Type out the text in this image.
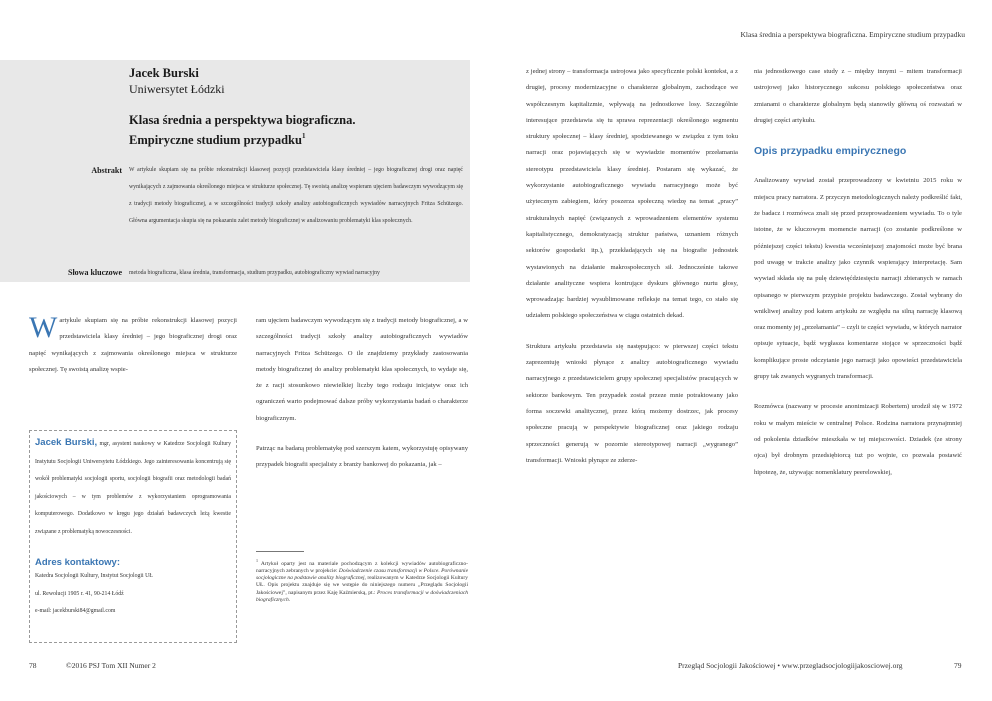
Jacek Burski
Uniwersytet Łódzki
Klasa średnia a perspektywa biograficzna.
Empiryczne studium przypadku$^1$
Abstrakt W artykule skupiam się na próbie rekonstrukcji klasowej pozycji przedstawiciela klasy średniej – jego biograficznej drogi oraz napięć wynikających z zajmowania określonego miejsca w strukturze społecznej. Tę swoistą analizę wspieram ujęciem badawczym wywodzącym się z tradycji metody biograficznej, a w szczególności tradycji szkoły analizy autobiograficznych wywiadów narracyjnych Fritza Schützego. Główna argumentacja skupia się na pokazaniu zalet metody biograficznej w analizowaniu problematyki klas społecznych.
Słowa kluczowe metoda biograficzna, klasa średnia, transformacja, studium przypadku, autobiograficzny wywiad narracyjny

Wartykule skupiam się na próbie rekonstrukcji klasowej pozycji przedstawiciela klasy średniej – jego biograficznej drogi oraz napięć wynikających z zajmowania określonego miejsca w strukturze społecznej. Tę swoistą analizę wspie-

Jacek Burski, mgr, asystent naukowy w Katedrze Socjologii Kultury Instytutu Socjologii Uniwersytetu Łódzkiego. Jego zainteresowania koncentrują się wokół problematyki socjologii sportu, socjologii biografii oraz metodologii badań jakościowych – w tym problemów z wykorzystaniem oprogramowania komputerowego. Dodatkowo w kręgu jego działań badawczych leżą kwestie związane z problematyką nowoczesności.
Adres kontaktowy:
Katedra Socjologii Kultury, Instytut Socjologii UŁ
ul. Rewolucji 1905 r. 41, 90-214 Łódź
e-mail: jacekburski84@gmail.com

ram ujęciem badawczym wywodzącym się z tradycji metody biograficznej, a w szczególności tradycji szkoły analizy autobiograficznych wywiadów narracyjnych Fritza Schützego. O ile znajdziemy przykłady zastosowania metody biograficznej do analizy problematyki klas społecznych, to wydaje się, że z racji stosunkowo niewielkiej liczby tego rodzaju inicjatyw oraz ich ograniczeń warto podejmować dalsze próby wykorzystania badań o charakterze biograficznym.

Patrząc na badaną problematykę pod szerszym katem, wykorzystuję opisywany przypadek biografii specjalisty z branży bankowej do pokazania, jak –

$^1$ Artykuł oparty jest na materiale pochodzącym z kolekcji wywiadów autobiograficzno-narracyjnych zebranych w projekcie: Doświadczenie czasu transformacji w Polsce. Porównanie socjologiczne na podstawie analizy biograficznej, realizowanym w Katedrze Socjologii Kultury UŁ. Opis projektu znajduje się we wstępie do niniejszego numeru „Przeglądu Socjologii Jakościowej”, napisanym przez Kaję Kaźmierską, pt.: Proces transformacji w doświadczeniach biograficznych.
78	©2016 PSJ Tom XII Numer 2
Klasa średnia a perspektywa biograficzna. Empiryczne studium przypadku

z jednej strony – transformacja ustrojowa jako specyficznie polski kontekst, a z drugiej, procesy modernizacyjne o charakterze globalnym, zachodzące we współczesnym kapitalizmie, wpływają na jednostkowe losy. Szczególnie interesujące przedstawia się tu sprawa reprezentacji określonego segmentu struktury społecznej – klasy średniej, spodziewanego w związku z tym toku narracji oraz pojawiających się w wywiadzie momentów przełamania stereotypu przedstawiciela klasy średniej. Postaram się wykazać, że wykorzystanie autobiograficznego wywiadu narracyjnego może być użytecznym zabiegiem, który poszerza społeczną wiedzę na temat „pracy” strukturalnych napięć (związanych z wprowadzeniem elementów systemu kapitalistycznego, demokratyzacją struktur państwa, uznaniem różnych sektorów gospodarki itp.), przekładających się na biografie jednostek wystawionych na działanie makrospołecznych sił. Jednocześnie takowe działanie analityczne wspiera kontrujące dyskurs głównego nurtu głosy, wprowadzając bardziej wysublimowane refleksje na temat tego, co stało się udziałem polskiego społeczeństwa w ciągu ostatnich dekad.

Struktura artykułu przedstawia się następująco: w pierwszej części tekstu zaprezentuję wnioski płynące z analizy autobiograficznego wywiadu narracyjnego z przedstawicielem grupy społecznej specjalistów pracujących w sektorze bankowym. Ten przypadek został przeze mnie potraktowany jako forma soczewki analitycznej, przez którą możemy dostrzec, jak procesy społeczne pracują w perspektywie biograficznej oraz jakiego rodzaju sprzeczności generują w pozornie stereotypowej narracji „wygranego” transformacji. Wnioski płynące ze zderze-

nia jednostkowego case study z – między innymi – mitem transformacji ustrojowej jako historycznego sukcesu polskiego społeczeństwa oraz zmianami o charakterze globalnym będą stanowiły główną oś rozważań w drugiej części artykułu.

Opis przypadku empirycznego

Analizowany wywiad został przeprowadzony w kwietniu 2015 roku w miejscu pracy narratora. Z przyczyn metodologicznych należy podkreślić fakt, że badacz i rozmówca znali się przed przeprowadzeniem wywiadu. To o tyle istotne, że w kluczowym momencie narracji (co zostanie podkreślone w późniejszej części tekstu) kwestia wcześniejszej znajomości może być brana pod uwagę w trakcie analizy jako czynnik wspierający interpretację. Sam wywiad składa się na pulę dziewięćdziesięciu narracji zbieranych w ramach opisanego w pierwszym przypisie projektu badawczego. Został wybrany do wnikliwej analizy pod katem artykułu ze względu na silną narrację klasową oraz momenty jej „przełamania” – czyli te części wywiadu, w których narrator opisuje sytuacje, bądź wygłasza komentarze stojące w sprzeczności bądź komplikujące proste odczytanie jego narracji jako opowieści przedstawiciela grupy tak zwanych wygranych transformacji.

Rozmówca (nazwany w procesie anonimizacji Robertem) urodził się w 1972 roku w małym mieście w centralnej Polsce. Rodzina narratora przynajmniej od pokolenia dziadków mieszkała w tej miejscowości. Dziadek (ze strony ojca) był drobnym przedsiębiorcą tuż po wojnie, co pozwala postawić hipotezę, że, używając nomenklatury peerelowskiej,

Przegląd Socjologii Jakościowej • www.przegladsocjologiijakosciowej.org	79
